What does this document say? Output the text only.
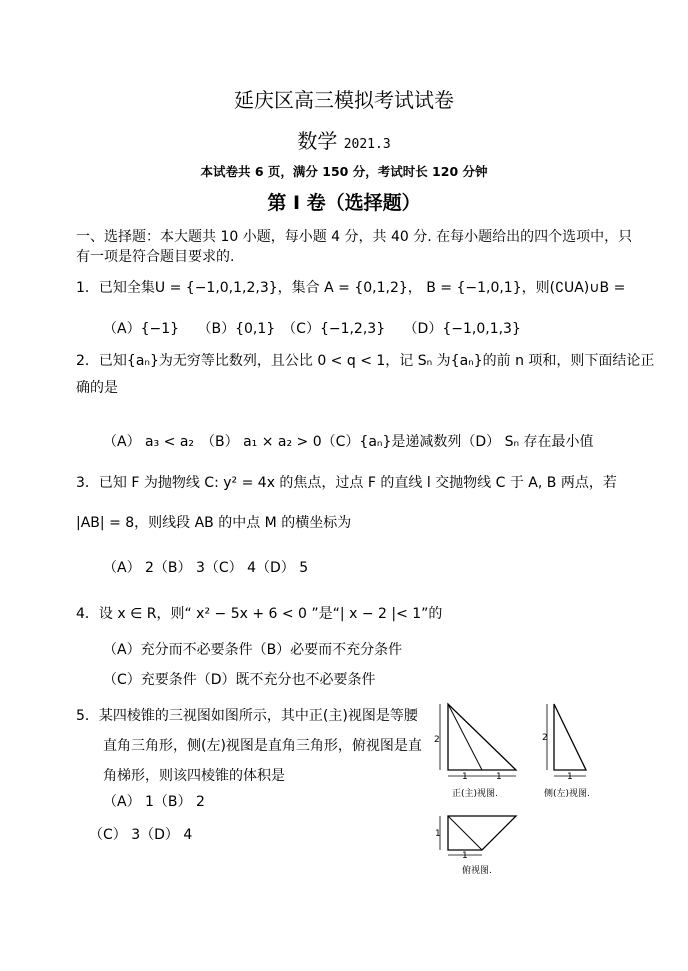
延庆区高三模拟考试试卷
数学 2021.3
本试卷共 6 页，满分 150 分，考试时长 120 分钟
第 I 卷（选择题）
一、选择题：本大题共 10 小题，每小题 4 分，共 40 分. 在每小题给出的四个选项中，只
有一项是符合题目要求的.
1．已知全集U = {−1,0,1,2,3}，集合 A = {0,1,2}， B = {−1,0,1}，则(∁UA)∪B =
（A）{−1}　 （B）{0,1}　（C）{−1,2,3}　 （D）{−1,0,1,3}
2．已知{aₙ}为无穷等比数列，且公比 0 < q < 1，记 Sₙ 为{aₙ}的前 n 项和，则下面结论正
确的是
（A） a₃ < a₂　（B） a₁ × a₂ > 0（C）{aₙ}是递减数列（D） Sₙ 存在最小值
3．已知 F 为抛物线 C: y² = 4x 的焦点，过点 F 的直线 l 交抛物线 C 于 A, B 两点，若
|AB| = 8，则线段 AB 的中点 M 的横坐标为
（A） 2（B） 3（C） 4（D） 5
4．设 x ∈ R，则“ x² − 5x + 6 < 0 ”是“| x − 2 |< 1”的
（A）充分而不必要条件（B）必要而不充分条件
（C）充要条件（D）既不充分也不必要条件
5．某四棱锥的三视图如图所示，其中正(主)视图是等腰
直角三角形，侧(左)视图是直角三角形，俯视图是直
角梯形，则该四棱锥的体积是
（A） 1（B） 2
（C） 3（D） 4
2
1	1
正(主)视图.
2
1
侧(左)视图.
1
1
俯视图.
